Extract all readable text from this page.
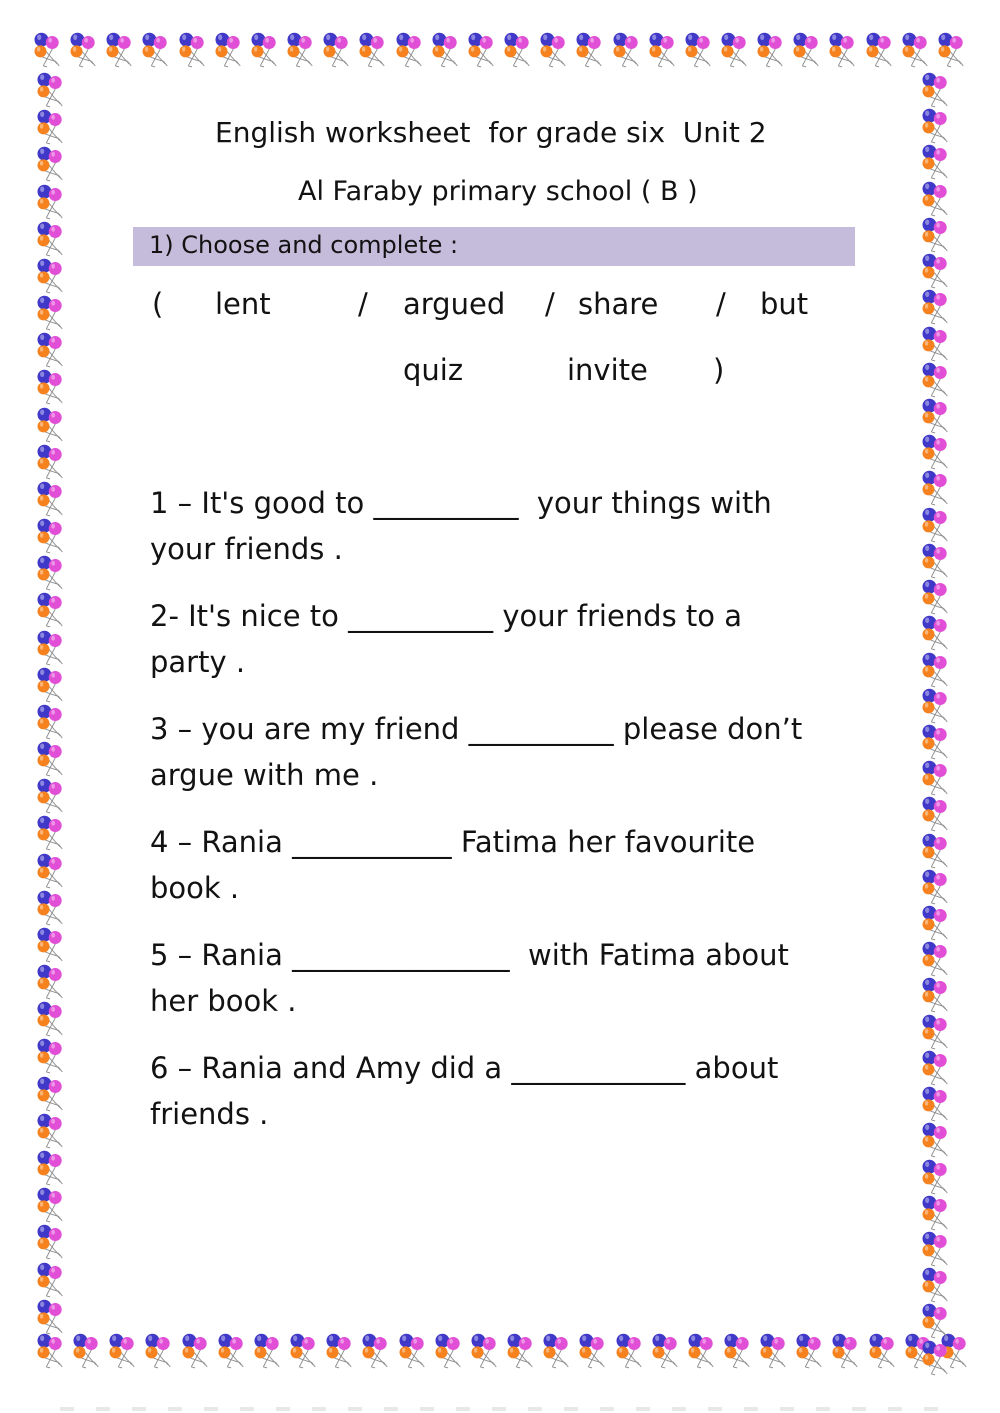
English worksheet  for grade six  Unit 2
Al Faraby primary school ( B )
1) Choose and complete :
( lent	/ argued / share / but
quiz	invite )
1 – It's good to __________  your things with
your friends .
2- It's nice to __________ your friends to a
party .
3 – you are my friend __________ please don’t
argue with me .
4 – Rania ___________ Fatima her favourite
book .
5 – Rania _______________  with Fatima about
her book .
6 – Rania and Amy did a ____________ about
friends .
